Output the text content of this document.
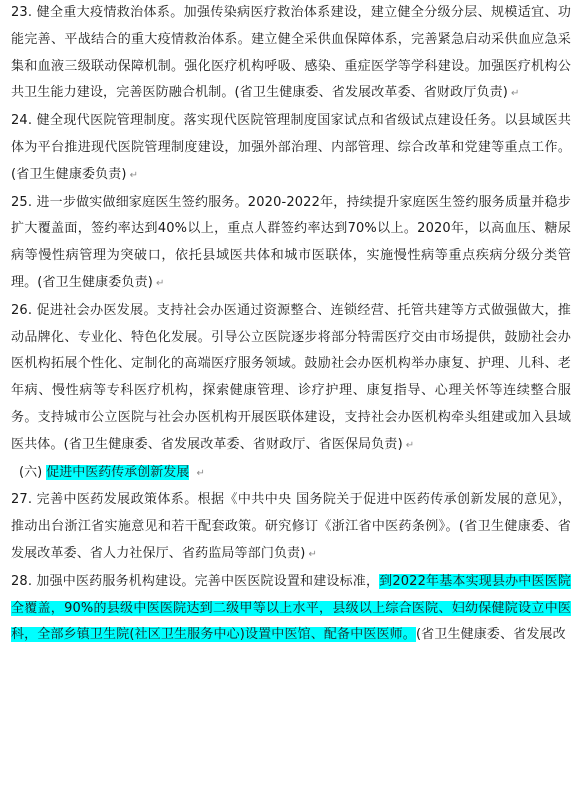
23. 健全重大疫情救治体系。加强传染病医疗救治体系建设，建立健全分级分层、规模适宜、功能完善、平战结合的重大疫情救治体系。建立健全采供血保障体系，完善紧急启动采供血应急采集和血液三级联动保障机制。强化医疗机构呼吸、感染、重症医学等学科建设。加强医疗机构公共卫生能力建设，完善医防融合机制。(省卫生健康委、省发展改革委、省财政厅负责) ↵
24. 健全现代医院管理制度。落实现代医院管理制度国家试点和省级试点建设任务。以县域医共体为平台推进现代医院管理制度建设，加强外部治理、内部管理、综合改革和党建等重点工作。(省卫生健康委负责) ↵
25. 进一步做实做细家庭医生签约服务。2020-2022年，持续提升家庭医生签约服务质量并稳步扩大覆盖面，签约率达到40%以上，重点人群签约率达到70%以上。2020年，以高血压、糖尿病等慢性病管理为突破口，依托县域医共体和城市医联体，实施慢性病等重点疾病分级分类管理。(省卫生健康委负责) ↵
26. 促进社会办医发展。支持社会办医通过资源整合、连锁经营、托管共建等方式做强做大，推动品牌化、专业化、特色化发展。引导公立医院逐步将部分特需医疗交由市场提供，鼓励社会办医机构拓展个性化、定制化的高端医疗服务领域。鼓励社会办医机构举办康复、护理、儿科、老年病、慢性病等专科医疗机构，探索健康管理、诊疗护理、康复指导、心理关怀等连续整合服务。支持城市公立医院与社会办医机构开展医联体建设，支持社会办医机构牵头组建或加入县域医共体。(省卫生健康委、省发展改革委、省财政厅、省医保局负责) ↵
(六) 促进中医药传承创新发展 ↵
27. 完善中医药发展政策体系。根据《中共中央 国务院关于促进中医药传承创新发展的意见》，推动出台浙江省实施意见和若干配套政策。研究修订《浙江省中医药条例》。(省卫生健康委、省发展改革委、省人力社保厅、省药监局等部门负责) ↵
28. 加强中医药服务机构建设。完善中医医院设置和建设标准，到2022年基本实现县办中医医院全覆盖，90%的县级中医医院达到二级甲等以上水平，县级以上综合医院、妇幼保健院设立中医科，全部乡镇卫生院(社区卫生服务中心)设置中医馆、配备中医医师。(省卫生健康委、省发展改
